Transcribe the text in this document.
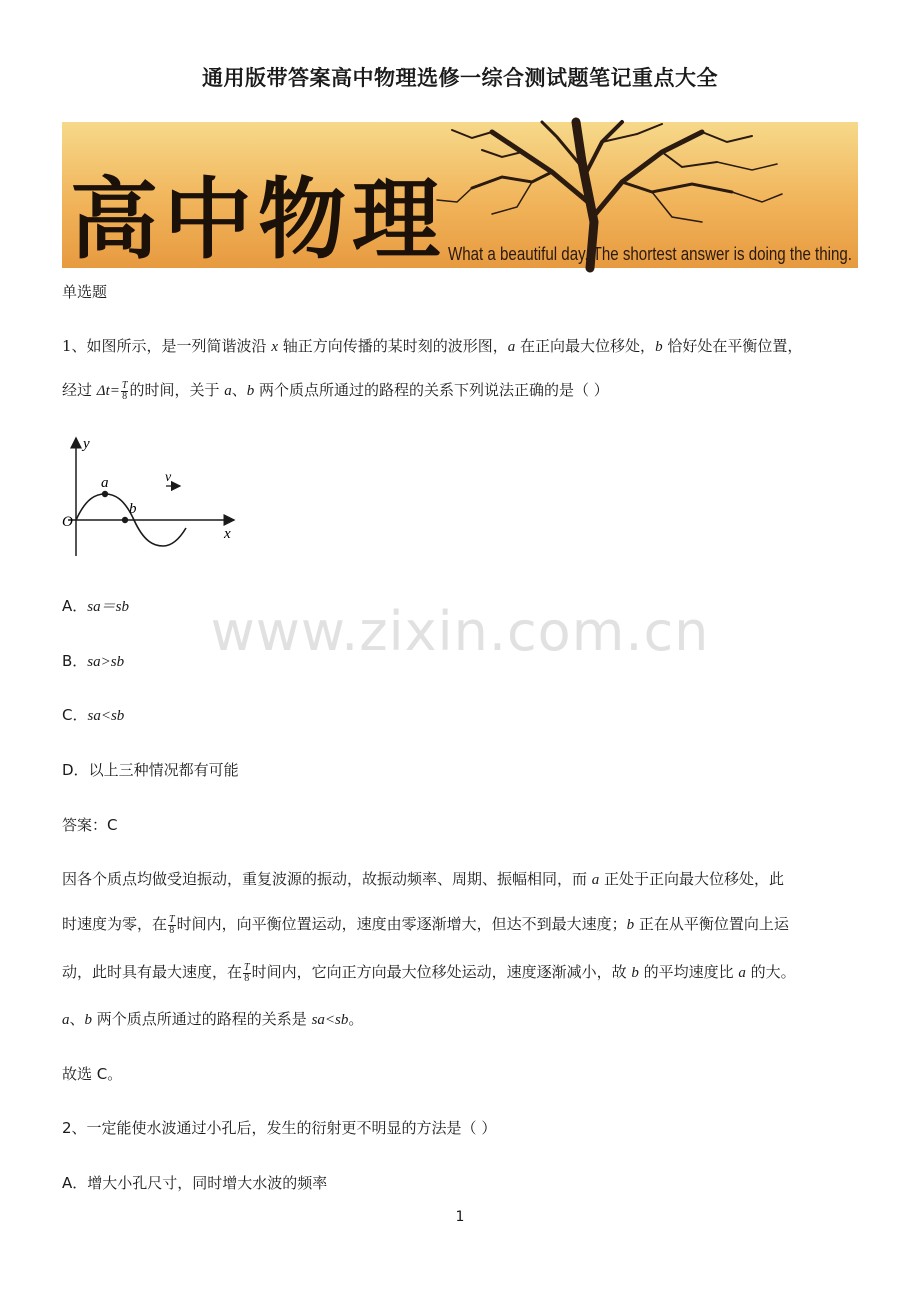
通用版带答案高中物理选修一综合测试题笔记重点大全
高中物理 What a beautiful day. The shortest answer is doing the thing.
单选题
1、如图所示，是一列简谐波沿 x 轴正方向传播的某时刻的波形图，a 在正向最大位移处，b 恰好处在平衡位置，
经过 $\Delta t= \frac{T}{8}$ 的时间，关于 a、b 两个质点所通过的路程的关系下列说法正确的是（ ）
y
a	v
b
O
x
A．sa＝sb
B．sa>sb
C．sa<sb
D．以上三种情况都有可能
答案：C
因各个质点均做受迫振动，重复波源的振动，故振动频率、周期、振幅相同，而 a 正处于正向最大位移处，此
时速度为零，在 $\frac{T}{8}$ 时间内，向平衡位置运动，速度由零逐渐增大，但达不到最大速度；b 正在从平衡位置向上运
动，此时具有最大速度，在 $\frac{T}{8}$ 时间内，它向正方向最大位移处运动，速度逐渐减小，故 b 的平均速度比 a 的大。
a、b 两个质点所通过的路程的关系是 sa<sb。
故选 C。
2、一定能使水波通过小孔后，发生的衍射更不明显的方法是（ ）
A．增大小孔尺寸，同时增大水波的频率
www.zixin.com.cn
1
